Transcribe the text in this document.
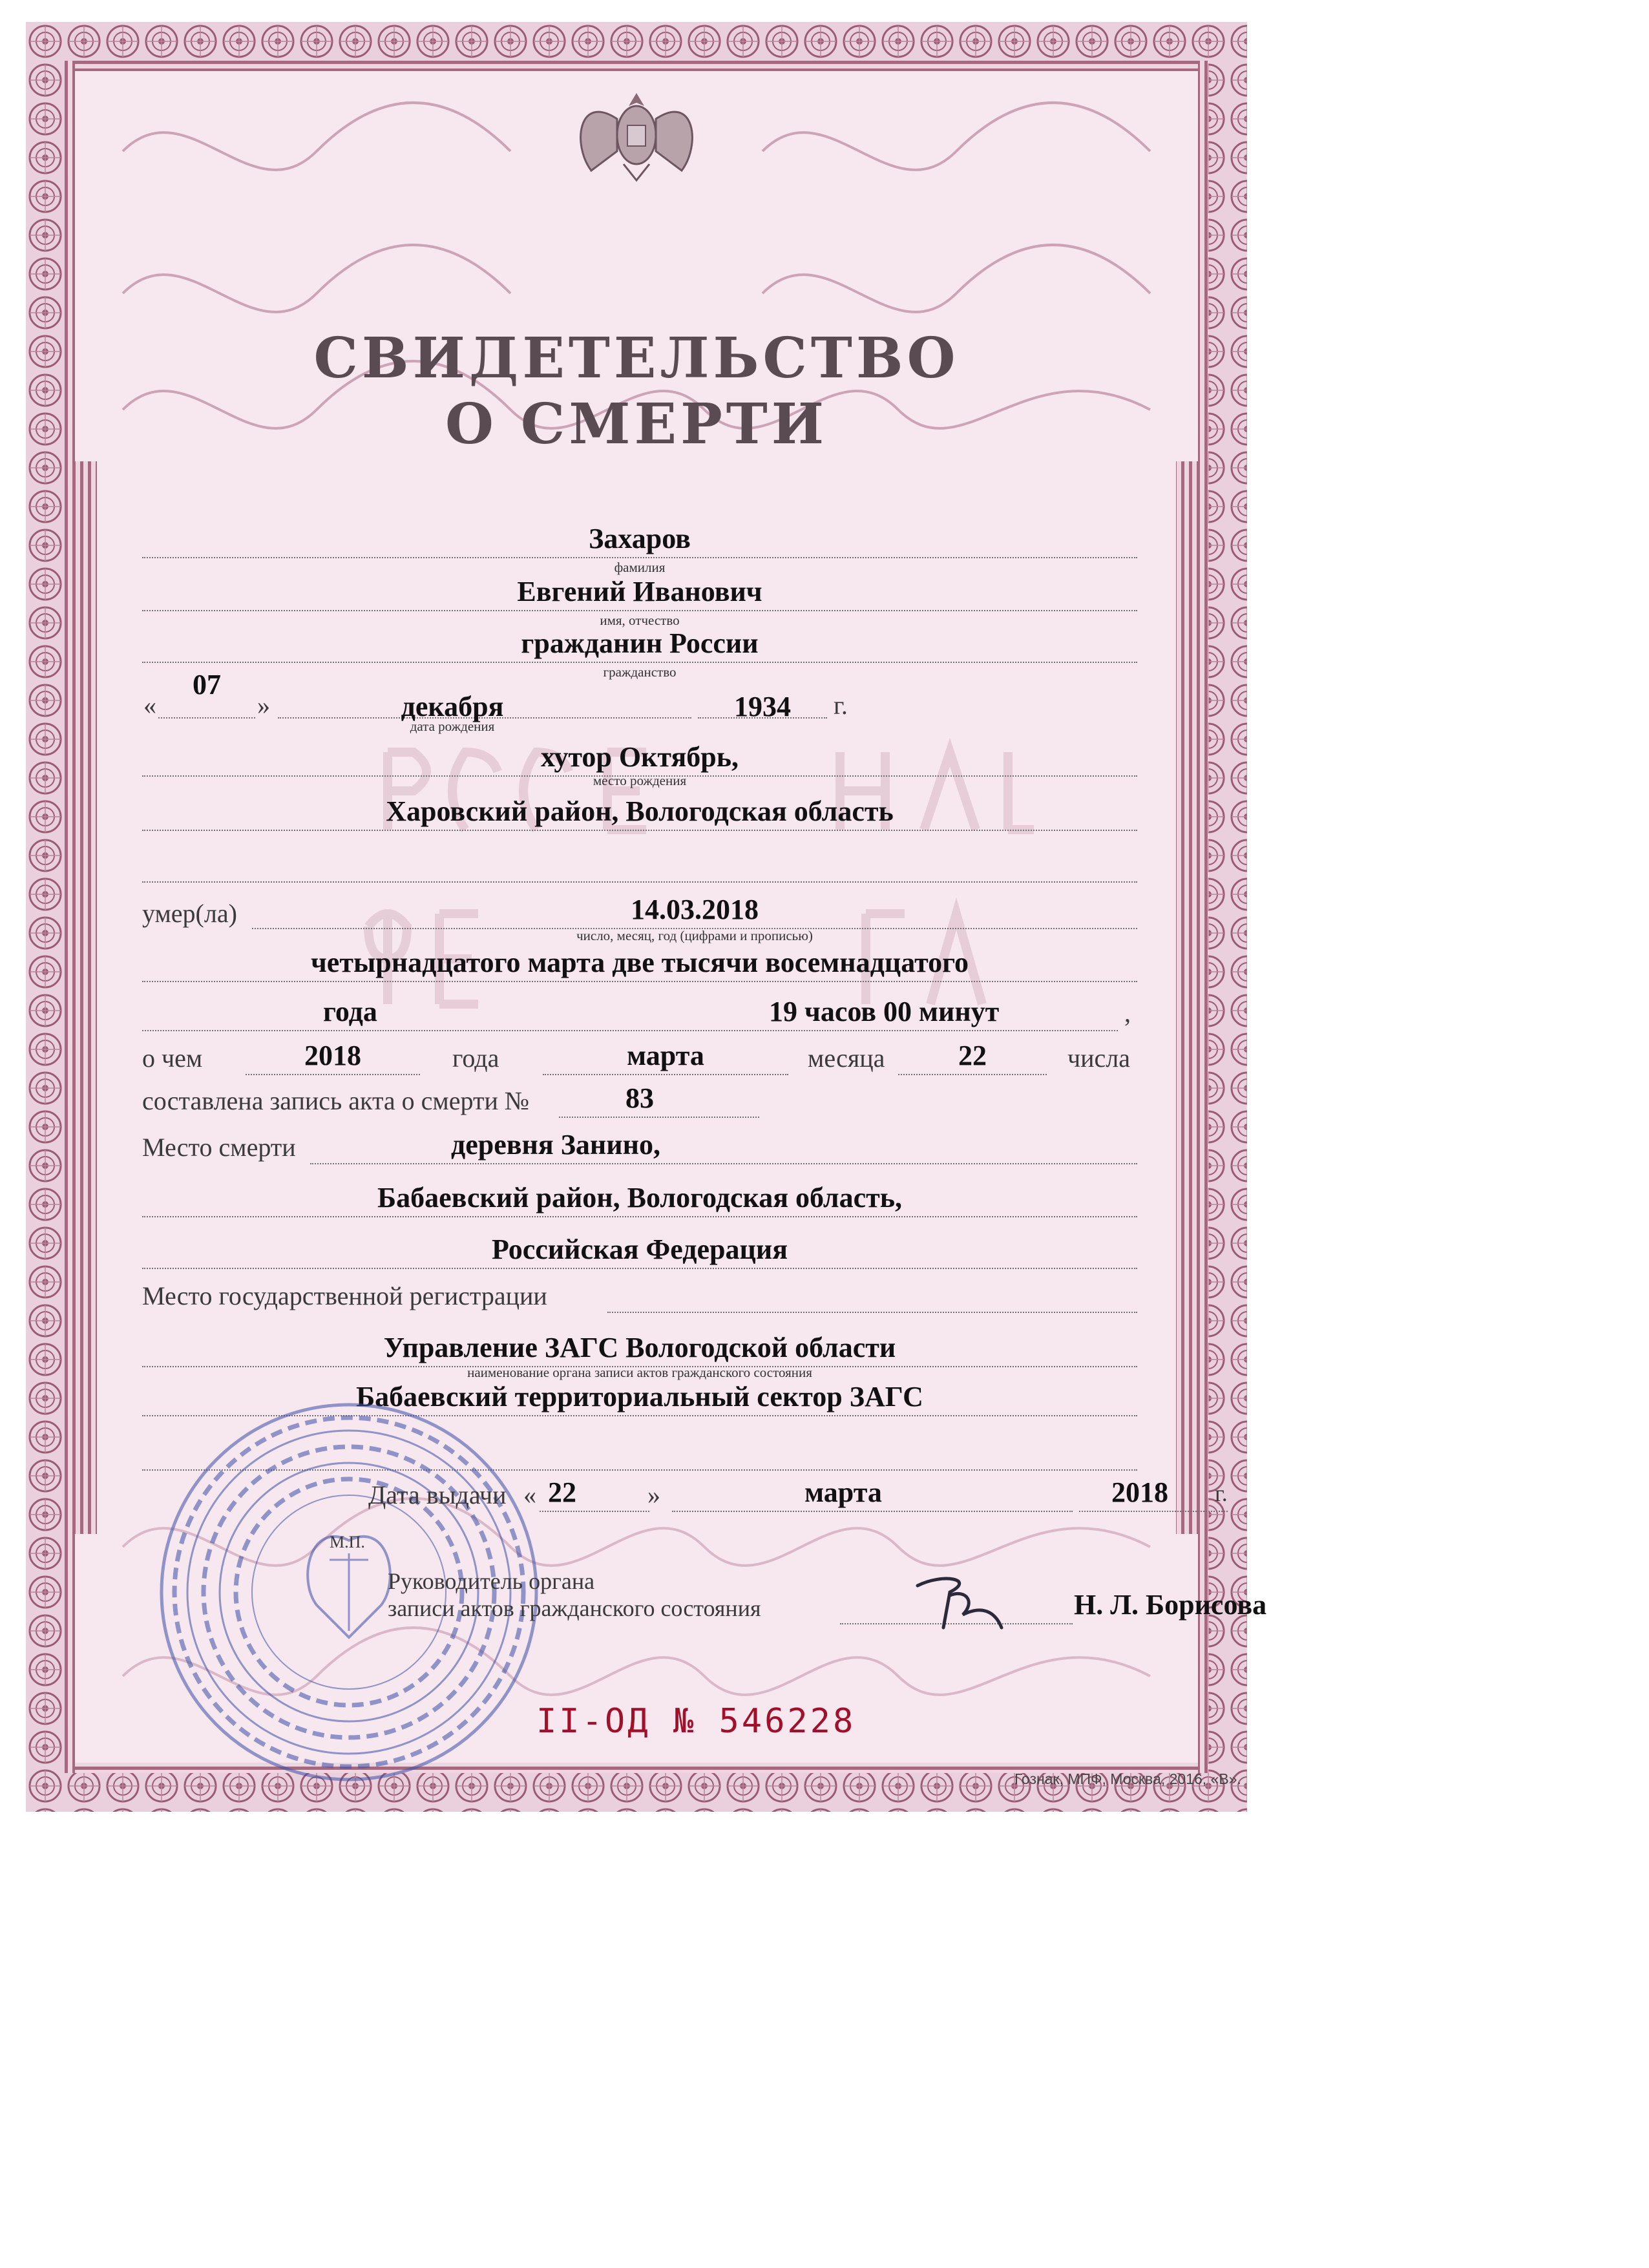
СВИДЕТЕЛЬСТВО
О СМЕРТИ
Захаров
фамилия
Евгений Иванович
имя, отчество
гражданин России
гражданство
«
07
»	декабря
дата рождения
1934	г.
хутор Октябрь,
место рождения
Харовский район, Вологодская область
умер(ла)	14.03.2018
число, месяц, год (цифрами и прописью)
четырнадцатого марта две тысячи восемнадцатого
года	19 часов 00 минут	,
о чем	2018	года	марта	месяца	22	числа
составлена запись акта о смерти №	83
Место смерти	деревня Занино,
Бабаевский район, Вологодская область,
Российская Федерация
Место государственной регистрации
Управление ЗАГС Вологодской области
наименование органа записи актов гражданского состояния
Бабаевский территориальный сектор ЗАГС
Дата выдачи « 22	»	марта	2018 г.
М.П.
Руководитель органа
записи актов гражданского состояния	Н. Л. Борисова
II-ОД № 546228
Гознак, МПФ, Москва, 2016, «В».
